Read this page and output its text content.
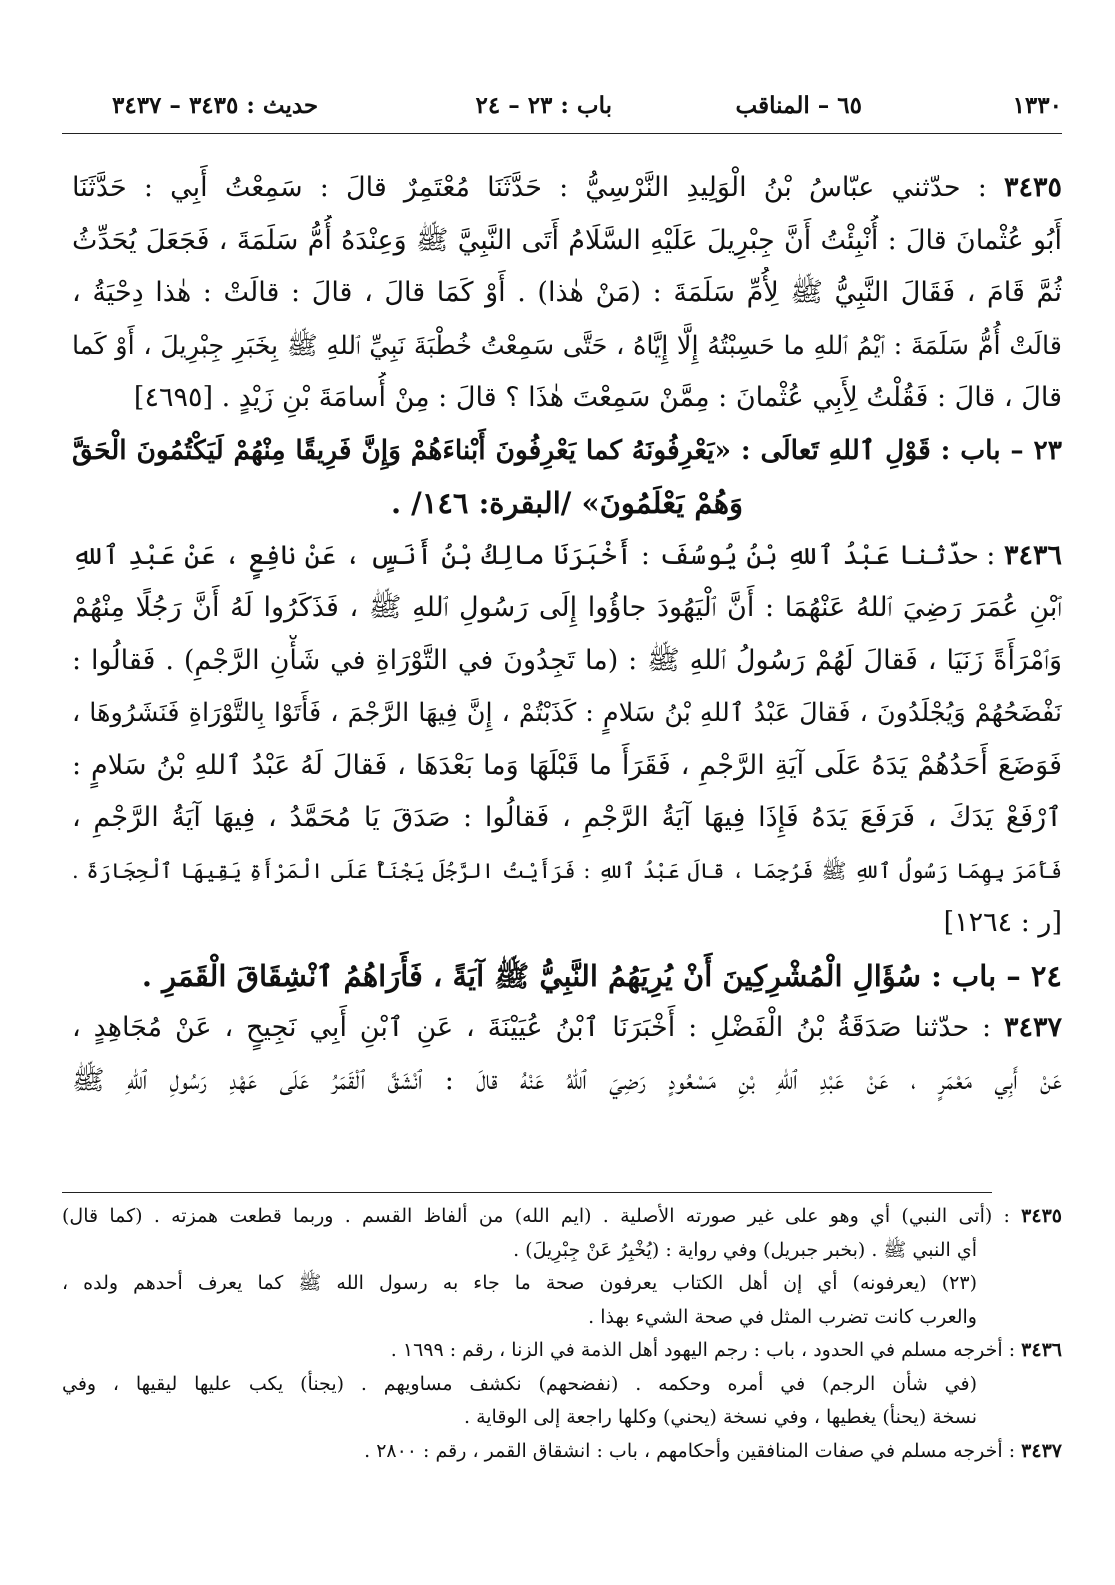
١٣٣٠
٦٥ – المناقب
باب : ٢٣ – ٢٤
حديث : ٣٤٣٥ – ٣٤٣٧
٣٤٣٥ : حدّثني عبّاسُ بْنُ الْوَلِيدِ النَّرْسِيُّ : حَدَّثَنَا مُعْتَمِرٌ قالَ : سَمِعْتُ أَبِي : حَدَّثَنَا
أَبُو عُثْمانَ قالَ : أُنْبِئْتُ أَنَّ جِبْرِيلَ عَلَيْهِ السَّلَامُ أَتَى النَّبِيَّ ﷺ وَعِنْدَهُ أُمُّ سَلَمَةَ ، فَجَعَلَ يُحَدِّثُ
ثُمَّ قَامَ ، فَقَالَ النَّبِيُّ ﷺ لِأُمِّ سَلَمَةَ : (مَنْ هٰذا) . أَوْ كَمَا قالَ ، قالَ : قالَتْ : هٰذا دِحْيَةُ ،
قالَتْ أُمُّ سَلَمَةَ : ٱيْمُ ٱللهِ ما حَسِبْتُهُ إِلَّا إِيَّاهُ ، حَتَّى سَمِعْتُ خُطْبَةَ نَبِيِّ ٱللهِ ﷺ بِخَبَرِ جِبْرِيلَ ، أَوْ كَما
قالَ ، قالَ : فَقُلْتُ لِأَبِي عُثْمانَ : مِمَّنْ سَمِعْتَ هٰذَا ؟ قالَ : مِنْ أُسامَةَ بْنِ زَيْدٍ . [٤٦٩٥]
٢٣ – باب : قَوْلِ ٱللهِ تَعالَى : «يَعْرِفُونَهُ كما يَعْرِفُونَ أَبْناءَهُمْ وَإِنَّ فَرِيقًا مِنْهُمْ لَيَكْتُمُونَ الْحَقَّ
وَهُمْ يَعْلَمُونَ» /البقرة: ١٤٦/ .
٣٤٣٦ : حدّثنا عَبْدُ ٱللهِ بْنُ يُوسُفَ : أَخْبَرَنَا مالِكُ بْنُ أَنَسٍ ، عَنْ نافِعٍ ، عَنْ عَبْدِ ٱللهِ
ٱبْنِ عُمَرَ رَضِيَ ٱللهُ عَنْهُمَا : أَنَّ ٱلْيَهُودَ جاؤُوا إِلَى رَسُولِ ٱللهِ ﷺ ، فَذَكَرُوا لَهُ أَنَّ رَجُلًا مِنْهُمْ
وَٱمْرَأَةً زَنَيَا ، فَقالَ لَهُمْ رَسُولُ ٱللهِ ﷺ : (ما تَجِدُونَ في التَّوْرَاةِ في شَأْنِ الرَّجْمِ) . فَقالُوا :
نَفْضَحُهُمْ وَيُجْلَدُونَ ، فَقالَ عَبْدُ ٱللهِ بْنُ سَلامٍ : كَذَبْتُمْ ، إِنَّ فِيهَا الرَّجْمَ ، فَأَتَوْا بِالتَّوْرَاةِ فَنَشَرُوهَا ،
فَوَضَعَ أَحَدُهُمْ يَدَهُ عَلَى آيَةِ الرَّجْمِ ، فَقَرَأَ ما قَبْلَهَا وَما بَعْدَهَا ، فَقالَ لَهُ عَبْدُ ٱللهِ بْنُ سَلامٍ :
ٱرْفَعْ يَدَكَ ، فَرَفَعَ يَدَهُ فَإِذَا فِيهَا آيَةُ الرَّجْمِ ، فَقالُوا : صَدَقَ يَا مُحَمَّدُ ، فِيهَا آيَةُ الرَّجْمِ ،
فَأَمَرَ بِهِمَا رَسُولُ ٱللهِ ﷺ فَرُجِمَا ، قالَ عَبْدُ ٱللهِ : فَرَأَيْتُ الرَّجُلَ يَجْنَأُ عَلَى الْمَرْأَةِ يَقِيهَا ٱلْحِجَارَةَ .
[ر : ١٢٦٤]
٢٤ – باب : سُؤَالِ الْمُشْرِكِينَ أَنْ يُرِيَهُمُ النَّبِيُّ ﷺ آيَةً ، فَأَرَاهُمُ ٱنْشِقَاقَ الْقَمَرِ .
٣٤٣٧ : حدّثنا صَدَقَةُ بْنُ الْفَضْلِ : أَخْبَرَنَا ٱبْنُ عُيَيْنَةَ ، عَنِ ٱبْنِ أَبِي نَجِيحٍ ، عَنْ مُجَاهِدٍ ،
عَنْ أَبِي مَعْمَرٍ ، عَنْ عَبْدِ ٱللهِ بْنِ مَسْعُودٍ رَضِيَ ٱللهُ عَنْهُ قالَ : ٱنْشَقَّ ٱلْقَمَرُ عَلَى عَهْدِ رَسُولِ ٱللهِ ﷺ
٣٤٣٥ : (أتى النبي) أي وهو على غير صورته الأصلية . (ايم الله) من ألفاظ القسم . وربما قطعت همزته . (كما قال)
أي النبي ﷺ . (بخبر جبريل) وفي رواية : (يُخْبِرُ عَنْ جِبْرِيلَ) .
(٢٣) (يعرفونه) أي إن أهل الكتاب يعرفون صحة ما جاء به رسول الله ﷺ كما يعرف أحدهم ولده ،
والعرب كانت تضرب المثل في صحة الشيء بهذا .
٣٤٣٦ : أخرجه مسلم في الحدود ، باب : رجم اليهود أهل الذمة في الزنا ، رقم : ١٦٩٩ .
(في شأن الرجم) في أمره وحكمه . (نفضحهم) نكشف مساويهم . (يجنأ) يكب عليها ليقيها ، وفي
نسخة (يحنأ) يغطيها ، وفي نسخة (يحني) وكلها راجعة إلى الوقاية .
٣٤٣٧ : أخرجه مسلم في صفات المنافقين وأحكامهم ، باب : انشقاق القمر ، رقم : ٢٨٠٠ .
